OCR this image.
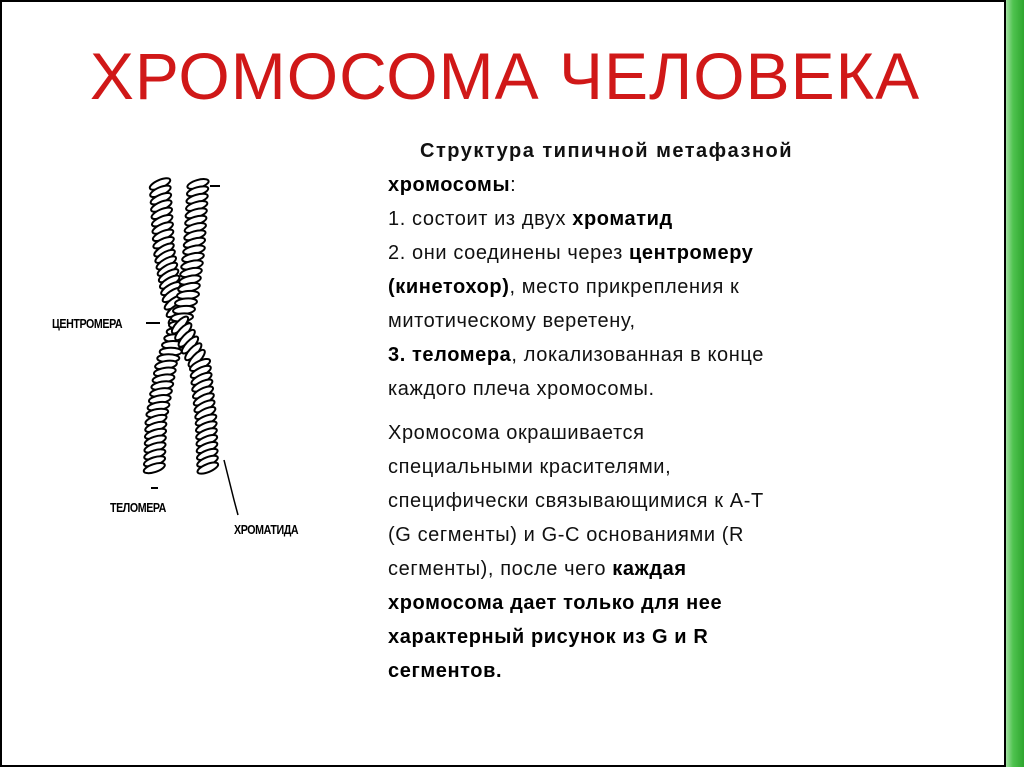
ХРОМОСОМА ЧЕЛОВЕКА
ЦЕНТРОМЕРА
ТЕЛОМЕРА
ХРОМАТИДА
Структура типичной метафазной
хромосомы:
1. состоит из двух хроматид
2. они соединены через центромеру
(кинетохор), место прикрепления к
митотическому веретену,
3. теломера, локализованная в конце
каждого плеча хромосомы.
Хромосома окрашивается
специальными красителями,
специфически связывающимися к А-Т
(G сегменты) и G-C основаниями (R
сегменты), после чего каждая
хромосома дает только для нее
характерный рисунок из G и R
сегментов.
